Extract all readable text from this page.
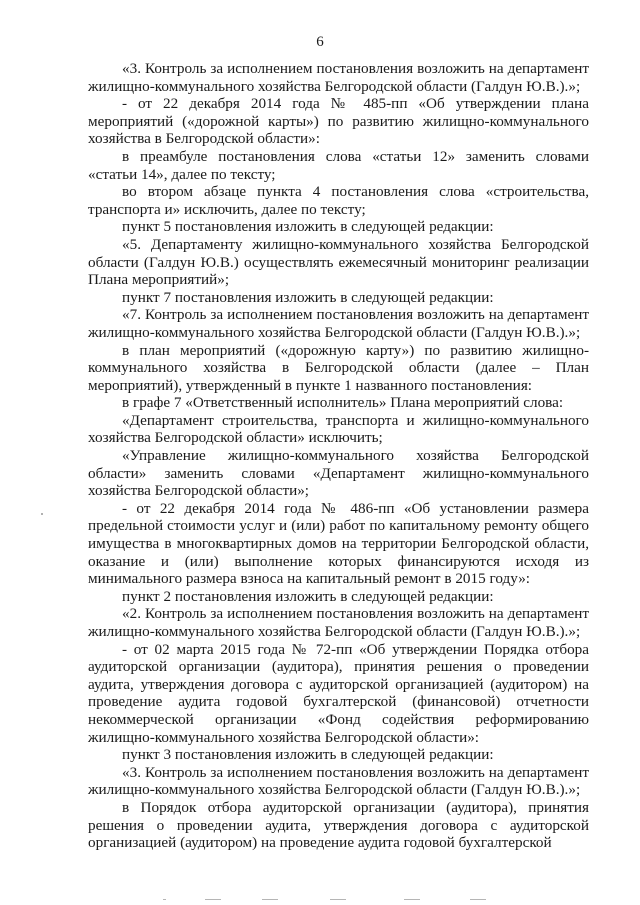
6

«3. Контроль за исполнением постановления возложить на департамент жилищно-коммунального хозяйства Белгородской области (Галдун Ю.В.).»;

- от 22 декабря 2014 года № 485-пп «Об утверждении плана мероприятий («дорожной карты») по развитию жилищно-коммунального хозяйства в Белгородской области»:

в преамбуле постановления слова «статьи 12» заменить словами «статьи 14», далее по тексту;

во втором абзаце пункта 4 постановления слова «строительства, транспорта и» исключить, далее по тексту;

пункт 5 постановления изложить в следующей редакции:

«5. Департаменту жилищно-коммунального хозяйства Белгородской области (Галдун Ю.В.) осуществлять ежемесячный мониторинг реализации Плана мероприятий»;

пункт 7 постановления изложить в следующей редакции:

«7. Контроль за исполнением постановления возложить на департамент жилищно-коммунального хозяйства Белгородской области (Галдун Ю.В.).»;

в план мероприятий («дорожную карту») по развитию жилищно-коммунального хозяйства в Белгородской области (далее – План мероприятий), утвержденный в пункте 1 названного постановления:

в графе 7 «Ответственный исполнитель» Плана мероприятий слова:

«Департамент строительства, транспорта и жилищно-коммунального хозяйства Белгородской области» исключить;

«Управление жилищно-коммунального хозяйства Белгородской области» заменить словами «Департамент жилищно-коммунального хозяйства Белгородской области»;

- от 22 декабря 2014 года № 486-пп «Об установлении размера предельной стоимости услуг и (или) работ по капитальному ремонту общего имущества в многоквартирных домов на территории Белгородской области, оказание и (или) выполнение которых финансируются исходя из минимального размера взноса на капитальный ремонт в 2015 году»:

пункт 2 постановления изложить в следующей редакции:

«2. Контроль за исполнением постановления возложить на департамент жилищно-коммунального хозяйства Белгородской области (Галдун Ю.В.).»;

- от 02 марта 2015 года № 72-пп «Об утверждении Порядка отбора аудиторской организации (аудитора), принятия решения о проведении аудита, утверждения договора с аудиторской организацией (аудитором) на проведение аудита годовой бухгалтерской (финансовой) отчетности некоммерческой организации «Фонд содействия реформированию жилищно-коммунального хозяйства Белгородской области»:

пункт 3 постановления изложить в следующей редакции:

«3. Контроль за исполнением постановления возложить на департамент жилищно-коммунального хозяйства Белгородской области (Галдун Ю.В.).»;

в Порядок отбора аудиторской организации (аудитора), принятия решения о проведении аудита, утверждения договора с аудиторской организацией (аудитором) на проведение аудита годовой бухгалтерской
